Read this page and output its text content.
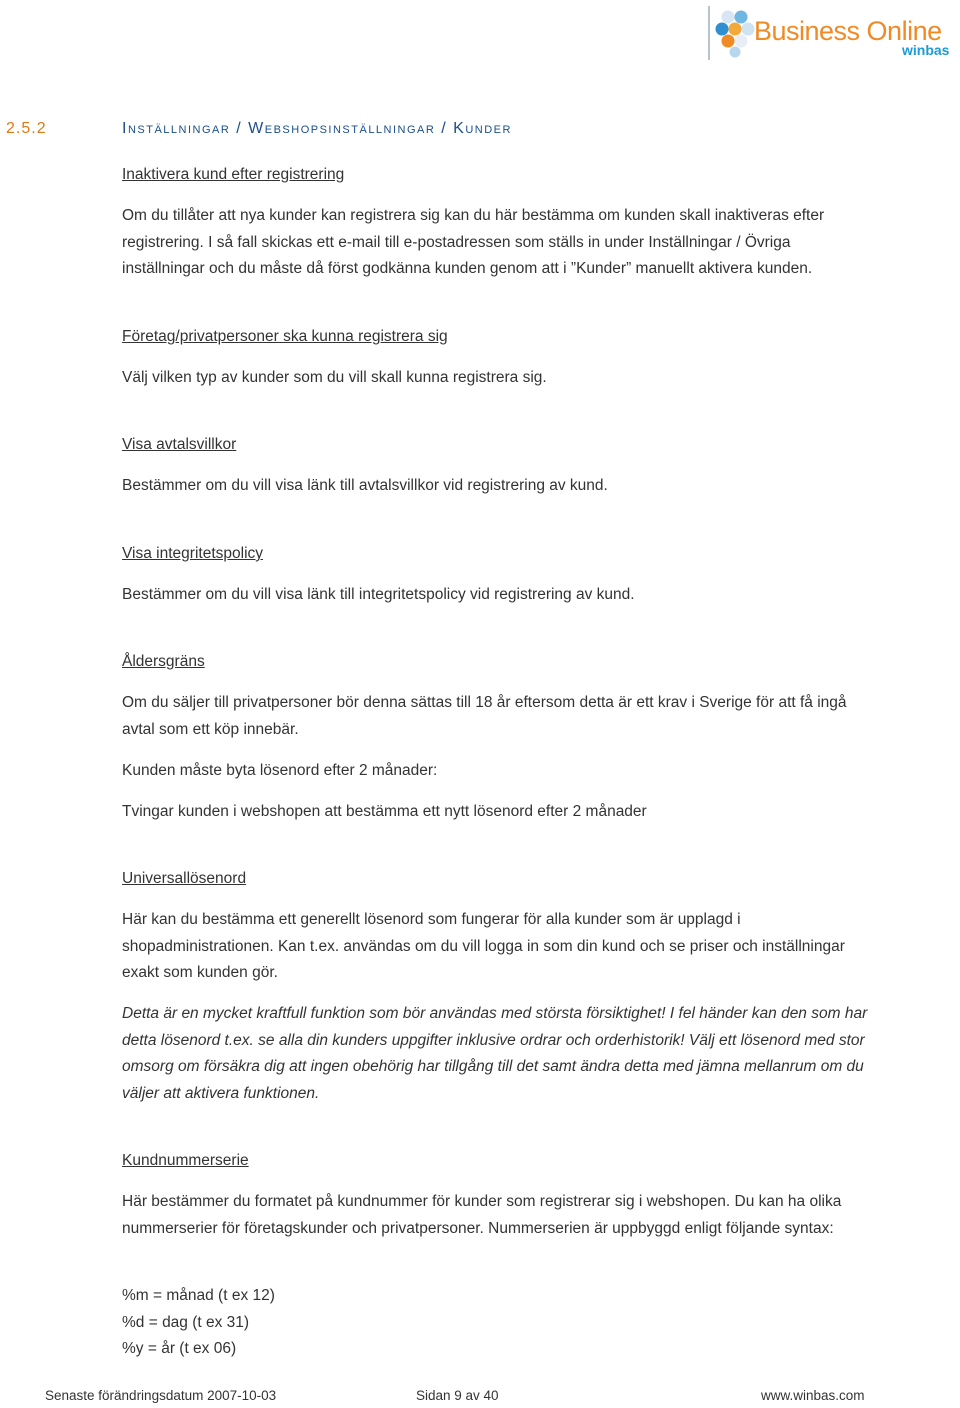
Business Online
winbas
2.5.2	Inställningar / Webshopsinställningar / Kunder
Inaktivera kund efter registrering

Om du tillåter att nya kunder kan registrera sig kan du här bestämma om kunden skall inaktiveras efter registrering. I så fall skickas ett e-mail till e-postadressen som ställs in under Inställningar / Övriga inställningar och du måste då först godkänna kunden genom att i ”Kunder” manuellt aktivera kunden.

Företag/privatpersoner ska kunna registrera sig

Välj vilken typ av kunder som du vill skall kunna registrera sig.

Visa avtalsvillkor

Bestämmer om du vill visa länk till avtalsvillkor vid registrering av kund.

Visa integritetspolicy

Bestämmer om du vill visa länk till integritetspolicy vid registrering av kund.

Åldersgräns

Om du säljer till privatpersoner bör denna sättas till 18 år eftersom detta är ett krav i Sverige för att få ingå avtal som ett köp innebär.

Kunden måste byta lösenord efter 2 månader:

Tvingar kunden i webshopen att bestämma ett nytt lösenord efter 2 månader

Universallösenord

Här kan du bestämma ett generellt lösenord som fungerar för alla kunder som är upplagd i shopadministrationen. Kan t.ex. användas om du vill logga in som din kund och se priser och inställningar exakt som kunden gör.

Detta är en mycket kraftfull funktion som bör användas med största försiktighet! I fel händer kan den som har detta lösenord t.ex. se alla din kunders uppgifter inklusive ordrar och orderhistorik! Välj ett lösenord med stor omsorg om försäkra dig att ingen obehörig har tillgång till det samt ändra detta med jämna mellanrum om du väljer att aktivera funktionen.

Kundnummerserie

Här bestämmer du formatet på kundnummer för kunder som registrerar sig i webshopen. Du kan ha olika nummerserier för företagskunder och privatpersoner. Nummerserien är uppbyggd enligt följande syntax:

%m = månad (t ex 12)

%d = dag (t ex 31)

%y = år (t ex 06)

Senaste förändringsdatum 2007-10-03	Sidan 9 av 40	www.winbas.com
